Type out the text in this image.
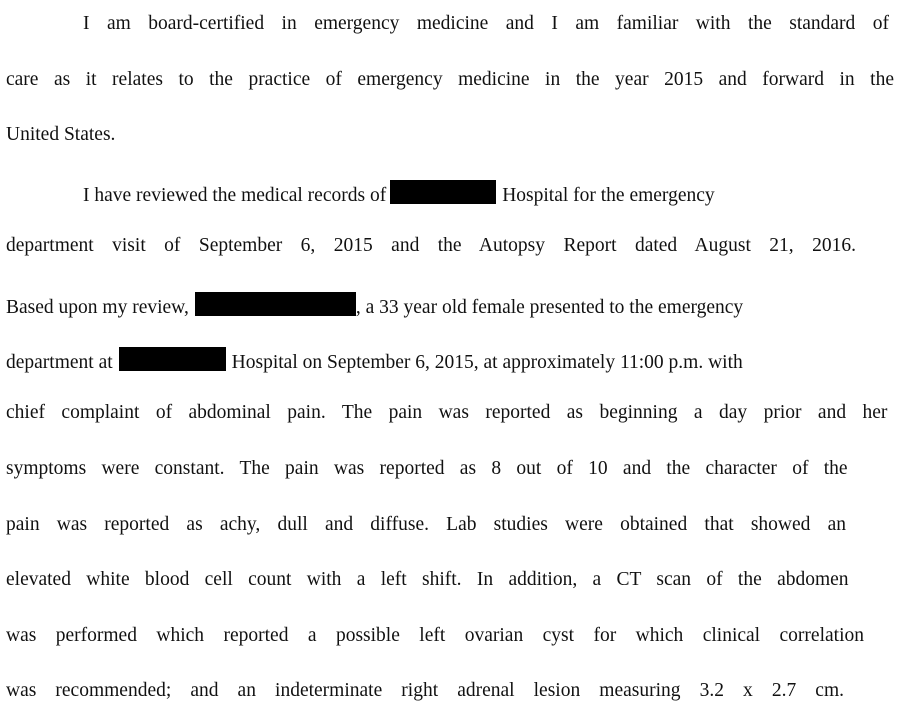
I am board-certified in emergency medicine and I am familiar with the standard of
care as it relates to the practice of emergency medicine in the year 2015 and forward in the
United States.
I have reviewed the medical records of	Hospital for the emergency
department visit of September 6, 2015 and the Autopsy Report dated August 21, 2016.
Based upon my review,	, a 33 year old female presented to the emergency
department at	Hospital on September 6, 2015, at approximately 11:00 p.m. with
chief complaint of abdominal pain. The pain was reported as beginning a day prior and her
symptoms were constant. The pain was reported as 8 out of 10 and the character of the
pain was reported as achy, dull and diffuse. Lab studies were obtained that showed an
elevated white blood cell count with a left shift. In addition, a CT scan of the abdomen
was performed which reported a possible left ovarian cyst for which clinical correlation
was recommended; and an indeterminate right adrenal lesion measuring 3.2 x 2.7 cm.
